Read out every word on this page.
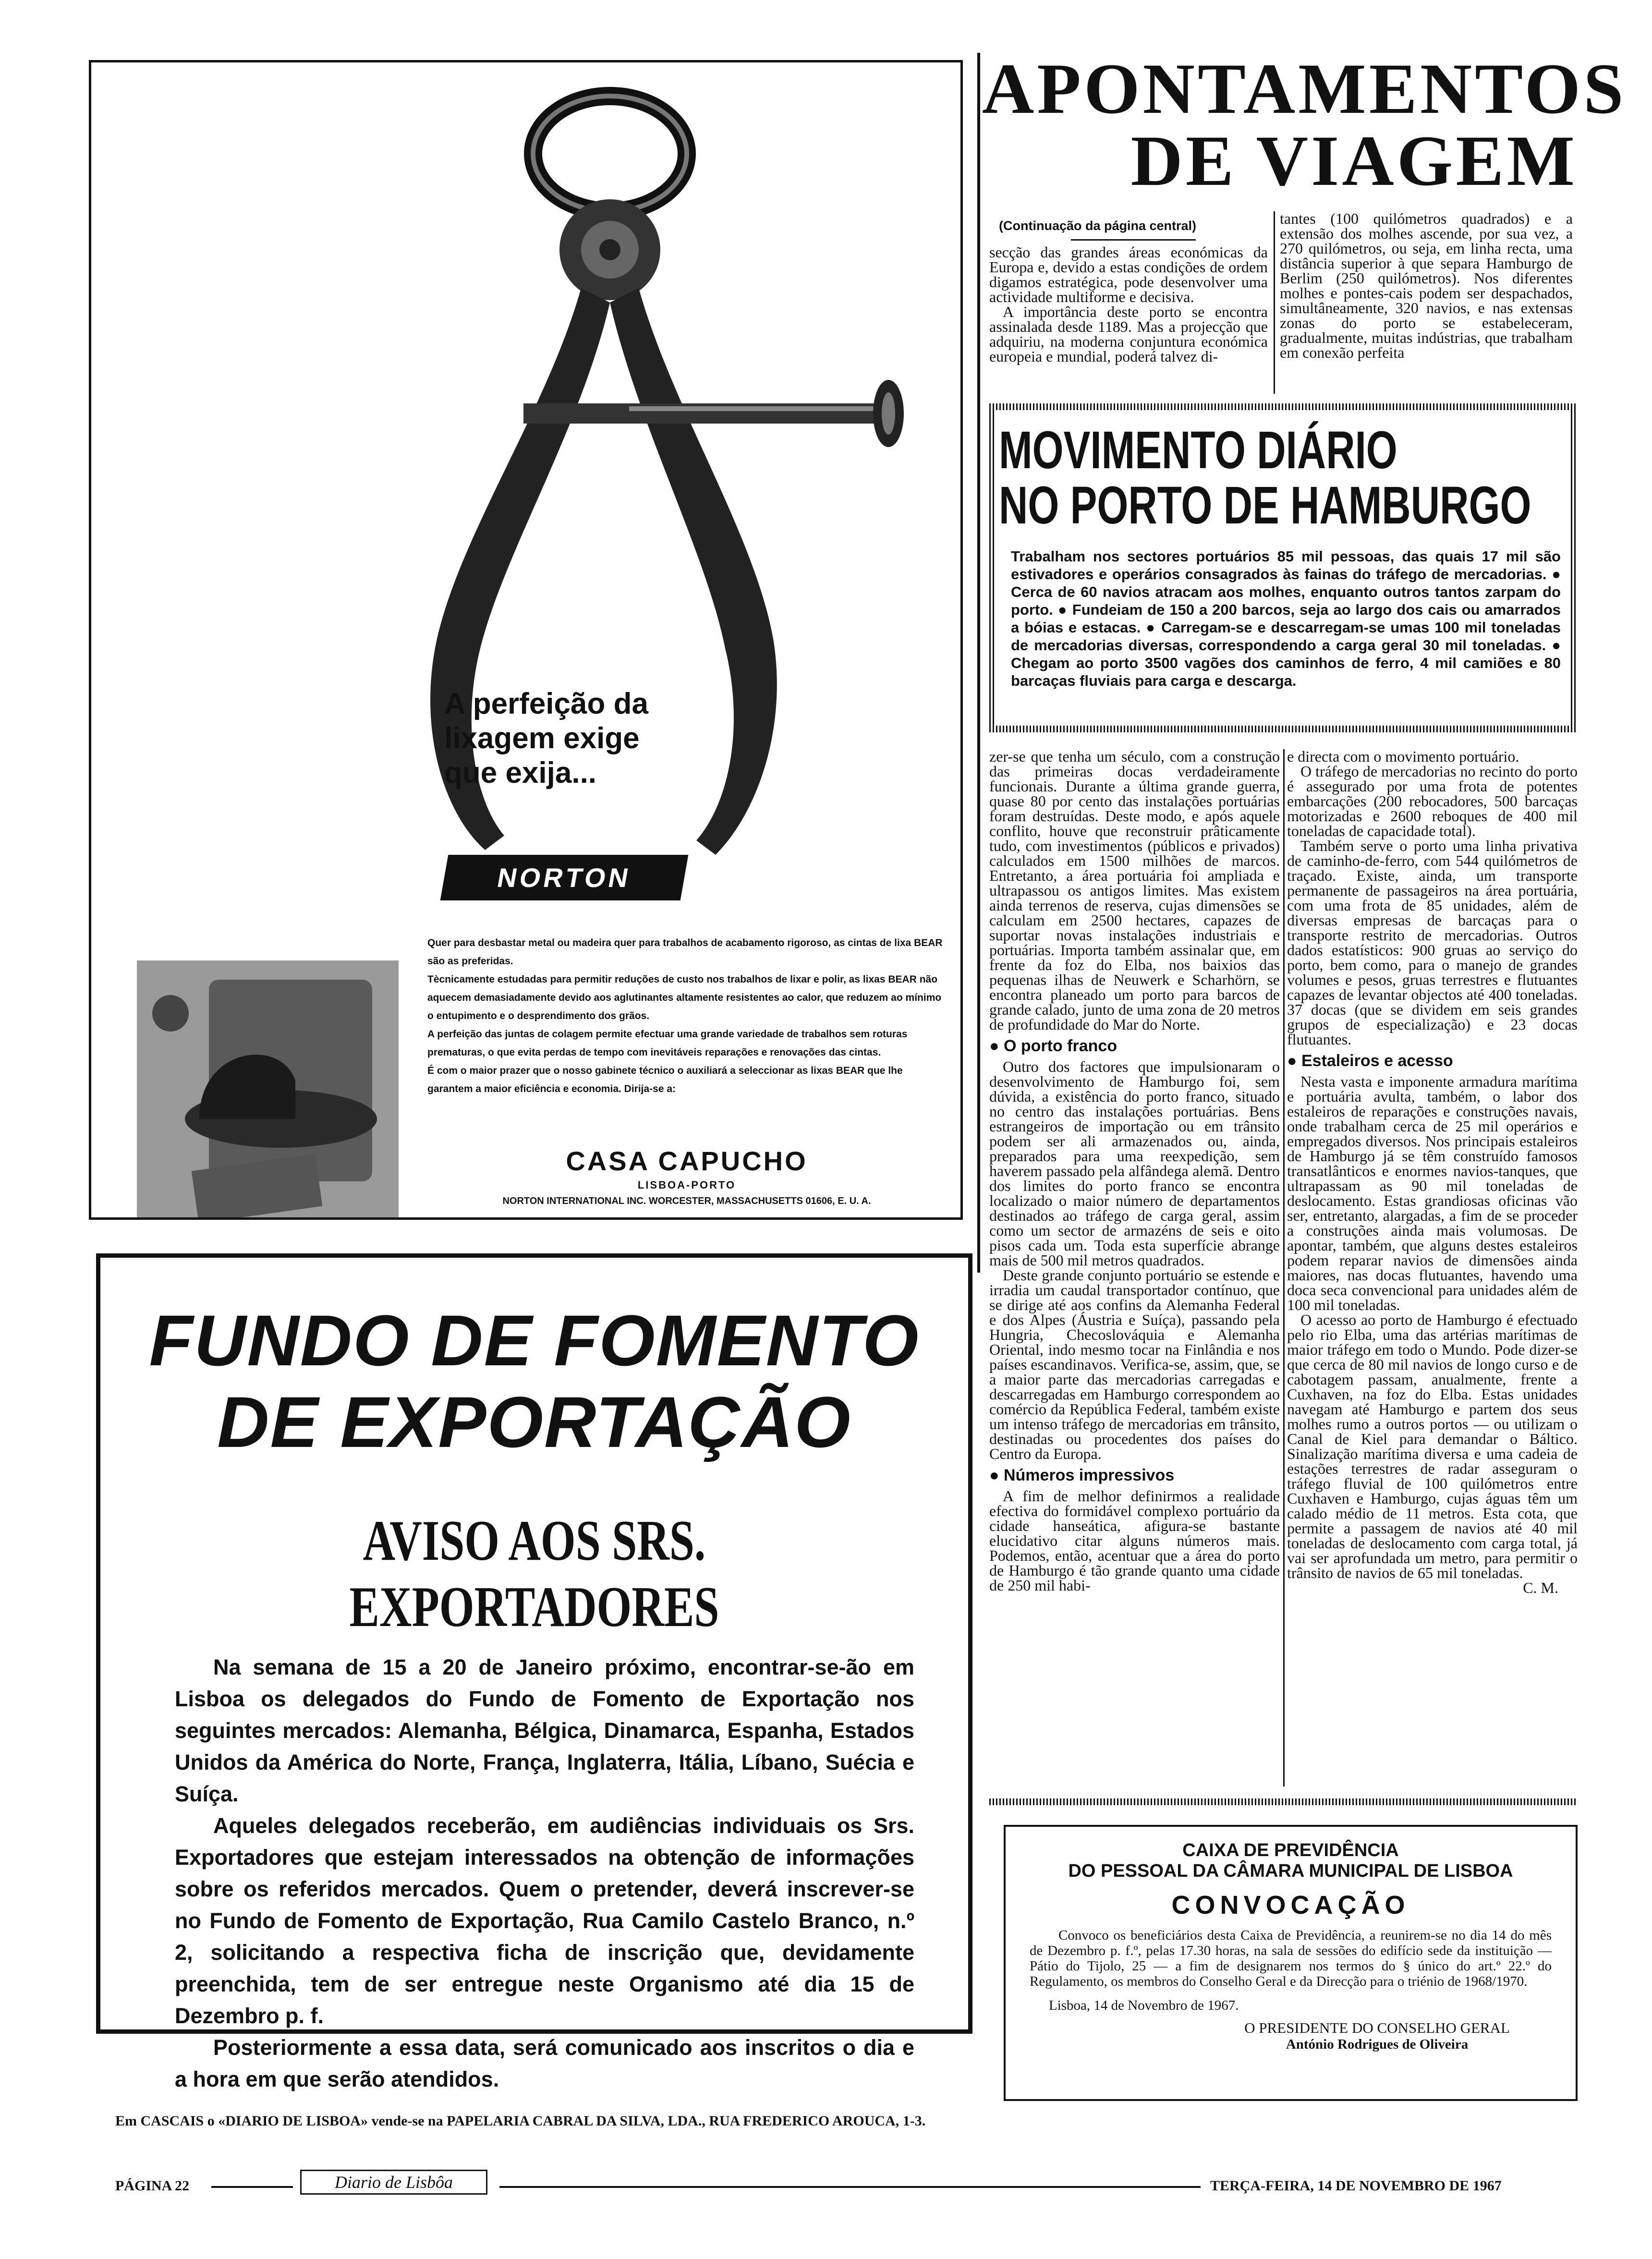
A perfeição da lixagem exige que exija...
NORTON

Quer para desbastar metal ou madeira quer para trabalhos de acabamento rigoroso, as cintas de lixa BEAR são as preferidas.

Tècnicamente estudadas para permitir reduções de custo nos trabalhos de lixar e polir, as lixas BEAR não aquecem demasiadamente devido aos aglutinantes altamente resistentes ao calor, que reduzem ao mínimo o entupimento e o desprendimento dos grãos.

A perfeição das juntas de colagem permite efectuar uma grande variedade de trabalhos sem roturas prematuras, o que evita perdas de tempo com inevitáveis reparações e renovações das cintas.

É com o maior prazer que o nosso gabinete técnico o auxiliará a seleccionar as lixas BEAR que lhe garantem a maior eficiência e economia. Dirija-se a:

CASA CAPUCHO
LISBOA-PORTO
NORTON INTERNATIONAL INC. WORCESTER, MASSACHUSETTS 01606, E. U. A.
FUNDO DE FOMENTO
DE EXPORTAÇÃO
AVISO AOS SRS. EXPORTADORES

Na semana de 15 a 20 de Janeiro próximo, encontrar-se-ão em Lisboa os delegados do Fundo de Fomento de Exportação nos seguintes mercados: Alemanha, Bélgica, Dinamarca, Espanha, Estados Unidos da América do Norte, França, Inglaterra, Itália, Líbano, Suécia e Suíça.

Aqueles delegados receberão, em audiências individuais os Srs. Exportadores que estejam interessados na obtenção de informações sobre os referidos mercados. Quem o pretender, deverá inscrever-se no Fundo de Fomento de Exportação, Rua Camilo Castelo Branco, n.º 2, solicitando a respectiva ficha de inscrição que, devidamente preenchida, tem de ser entregue neste Organismo até dia 15 de Dezembro p. f.

Posteriormente a essa data, será comunicado aos inscritos o dia e a hora em que serão atendidos.

APONTAMENTOS
DE VIAGEM
(Continuação da página central)

secção das grandes áreas económicas da Europa e, devido a estas condições de ordem digamos estratégica, pode desenvolver uma actividade multiforme e decisiva.

A importância deste porto se encontra assinalada desde 1189. Mas a projecção que adquiriu, na moderna conjuntura económica europeia e mundial, poderá talvez di-

tantes (100 quilómetros quadrados) e a extensão dos molhes ascende, por sua vez, a 270 quilómetros, ou seja, em linha recta, uma distância superior à que separa Hamburgo de Berlim (250 quilómetros). Nos diferentes molhes e pontes-cais podem ser despachados, simultâneamente, 320 navios, e nas extensas zonas do porto se estabeleceram, gradualmente, muitas indústrias, que trabalham em conexão perfeita

MOVIMENTO DIÁRIO
NO PORTO DE HAMBURGO
Trabalham nos sectores portuários 85 mil pessoas, das quais 17 mil são estivadores e operários consagrados às fainas do tráfego de mercadorias. ● Cerca de 60 navios atracam aos molhes, enquanto outros tantos zarpam do porto. ● Fundeiam de 150 a 200 barcos, seja ao largo dos cais ou amarrados a bóias e estacas. ● Carregam-se e descarregam-se umas 100 mil toneladas de mercadorias diversas, correspondendo a carga geral 30 mil toneladas. ● Chegam ao porto 3500 vagões dos caminhos de ferro, 4 mil camiões e 80 barcaças fluviais para carga e descarga.

zer-se que tenha um século, com a construção das primeiras docas verdadeiramente funcionais. Durante a última grande guerra, quase 80 por cento das instalações portuárias foram destruídas. Deste modo, e após aquele conflito, houve que reconstruir prâticamente tudo, com investimentos (públicos e privados) calculados em 1500 milhões de marcos. Entretanto, a área portuária foi ampliada e ultrapassou os antigos limites. Mas existem ainda terrenos de reserva, cujas dimensões se calculam em 2500 hectares, capazes de suportar novas instalações industriais e portuárias. Importa também assinalar que, em frente da foz do Elba, nos baixios das pequenas ilhas de Neuwerk e Scharhörn, se encontra planeado um porto para barcos de grande calado, junto de uma zona de 20 metros de profundidade do Mar do Norte.

● O porto franco

Outro dos factores que impulsionaram o desenvolvimento de Hamburgo foi, sem dúvida, a existência do porto franco, situado no centro das instalações portuárias. Bens estrangeiros de importação ou em trânsito podem ser ali armazenados ou, ainda, preparados para uma reexpedição, sem haverem passado pela alfândega alemã. Dentro dos limites do porto franco se encontra localizado o maior número de departamentos destinados ao tráfego de carga geral, assim como um sector de armazéns de seis e oito pisos cada um. Toda esta superfície abrange mais de 500 mil metros quadrados.

Deste grande conjunto portuário se estende e irradia um caudal transportador contínuo, que se dirige até aos confins da Alemanha Federal e dos Alpes (Áustria e Suíça), passando pela Hungria, Checoslováquia e Alemanha Oriental, indo mesmo tocar na Finlândia e nos países escandinavos. Verifica-se, assim, que, se a maior parte das mercadorias carregadas e descarregadas em Hamburgo correspondem ao comércio da República Federal, também existe um intenso tráfego de mercadorias em trânsito, destinadas ou procedentes dos países do Centro da Europa.

● Números impressivos

A fim de melhor definirmos a realidade efectiva do formidável complexo portuário da cidade hanseática, afigura-se bastante elucidativo citar alguns números mais. Podemos, então, acentuar que a área do porto de Hamburgo é tão grande quanto uma cidade de 250 mil habi-

e directa com o movimento portuário.

O tráfego de mercadorias no recinto do porto é assegurado por uma frota de potentes embarcações (200 rebocadores, 500 barcaças motorizadas e 2600 reboques de 400 mil toneladas de capacidade total).

Também serve o porto uma linha privativa de caminho-de-ferro, com 544 quilómetros de traçado. Existe, ainda, um transporte permanente de passageiros na área portuária, com uma frota de 85 unidades, além de diversas empresas de barcaças para o transporte restrito de mercadorias. Outros dados estatísticos: 900 gruas ao serviço do porto, bem como, para o manejo de grandes volumes e pesos, gruas terrestres e flutuantes capazes de levantar objectos até 400 toneladas. 37 docas (que se dividem em seis grandes grupos de especialização) e 23 docas flutuantes.

● Estaleiros e acesso

Nesta vasta e imponente armadura marítima e portuária avulta, também, o labor dos estaleiros de reparações e construções navais, onde trabalham cerca de 25 mil operários e empregados diversos. Nos principais estaleiros de Hamburgo já se têm construído famosos transatlânticos e enormes navios-tanques, que ultrapassam as 90 mil toneladas de deslocamento. Estas grandiosas oficinas vão ser, entretanto, alargadas, a fim de se proceder a construções ainda mais volumosas. De apontar, também, que alguns destes estaleiros podem reparar navios de dimensões ainda maiores, nas docas flutuantes, havendo uma doca seca convencional para unidades além de 100 mil toneladas.

O acesso ao porto de Hamburgo é efectuado pelo rio Elba, uma das artérias marítimas de maior tráfego em todo o Mundo. Pode dizer-se que cerca de 80 mil navios de longo curso e de cabotagem passam, anualmente, frente a Cuxhaven, na foz do Elba. Estas unidades navegam até Hamburgo e partem dos seus molhes rumo a outros portos — ou utilizam o Canal de Kiel para demandar o Báltico. Sinalização marítima diversa e uma cadeia de estações terrestres de radar asseguram o tráfego fluvial de 100 quilómetros entre Cuxhaven e Hamburgo, cujas águas têm um calado médio de 11 metros. Esta cota, que permite a passagem de navios até 40 mil toneladas de deslocamento com carga total, já vai ser aprofundada um metro, para permitir o trânsito de navios de 65 mil toneladas.

C. M.
CAIXA DE PREVIDÊNCIA
DO PESSOAL DA CÂMARA MUNICIPAL DE LISBOA
CONVOCAÇÃO
Convoco os beneficiários desta Caixa de Previdência, a reunirem-se no dia 14 do mês de Dezembro p. f.º, pelas 17.30 horas, na sala de sessões do edifício sede da instituição — Pátio do Tijolo, 25 — a fim de designarem nos termos do § único do art.º 22.º do Regulamento, os membros do Conselho Geral e da Direcção para o triénio de 1968/1970.
Lisboa, 14 de Novembro de 1967.
O PRESIDENTE DO CONSELHO GERAL
António Rodrigues de Oliveira
Em CASCAIS o «DIARIO DE LISBOA» vende-se na PAPELARIA CABRAL DA SILVA, LDA., RUA FREDERICO AROUCA, 1-3.
PÁGINA 22	Diario de Lisbôa	TERÇA-FEIRA, 14 DE NOVEMBRO DE 1967
